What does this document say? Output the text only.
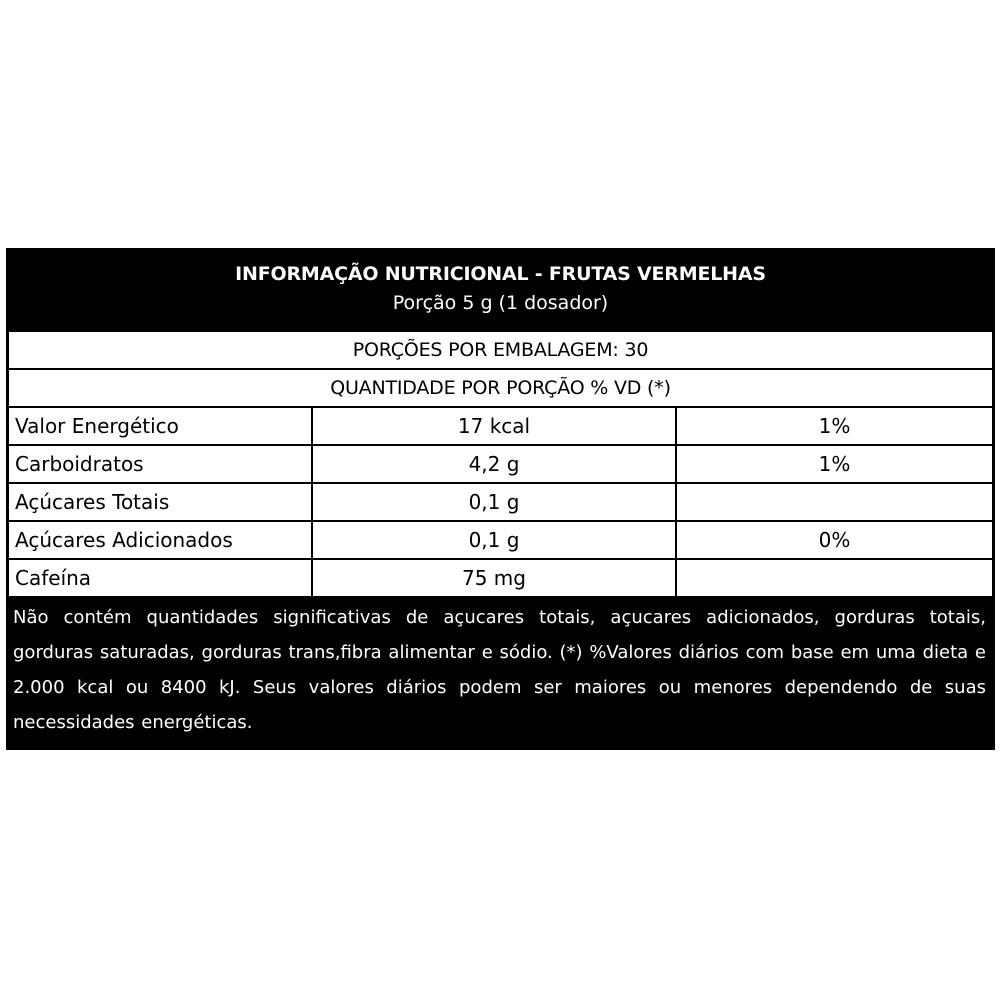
INFORMAÇÃO NUTRICIONAL - FRUTAS VERMELHAS
Porção 5 g (1 dosador)
PORÇÕES POR EMBALAGEM: 30
QUANTIDADE POR PORÇÃO % VD (*)
Valor Energético	17 kcal	1%
Carboidratos	4,2 g	1%
Açúcares Totais	0,1 g	
Açúcares Adicionados	0,1 g	0%
Cafeína	75 mg	
Não contém quantidades significativas de açucares totais, açucares adicionados, gorduras totais, gorduras saturadas, gorduras trans,fibra alimentar e sódio. (*) %Valores diários com base em uma dieta e 2.000 kcal ou 8400 kJ. Seus valores diários podem ser maiores ou menores dependendo de suas necessidades energéticas.
